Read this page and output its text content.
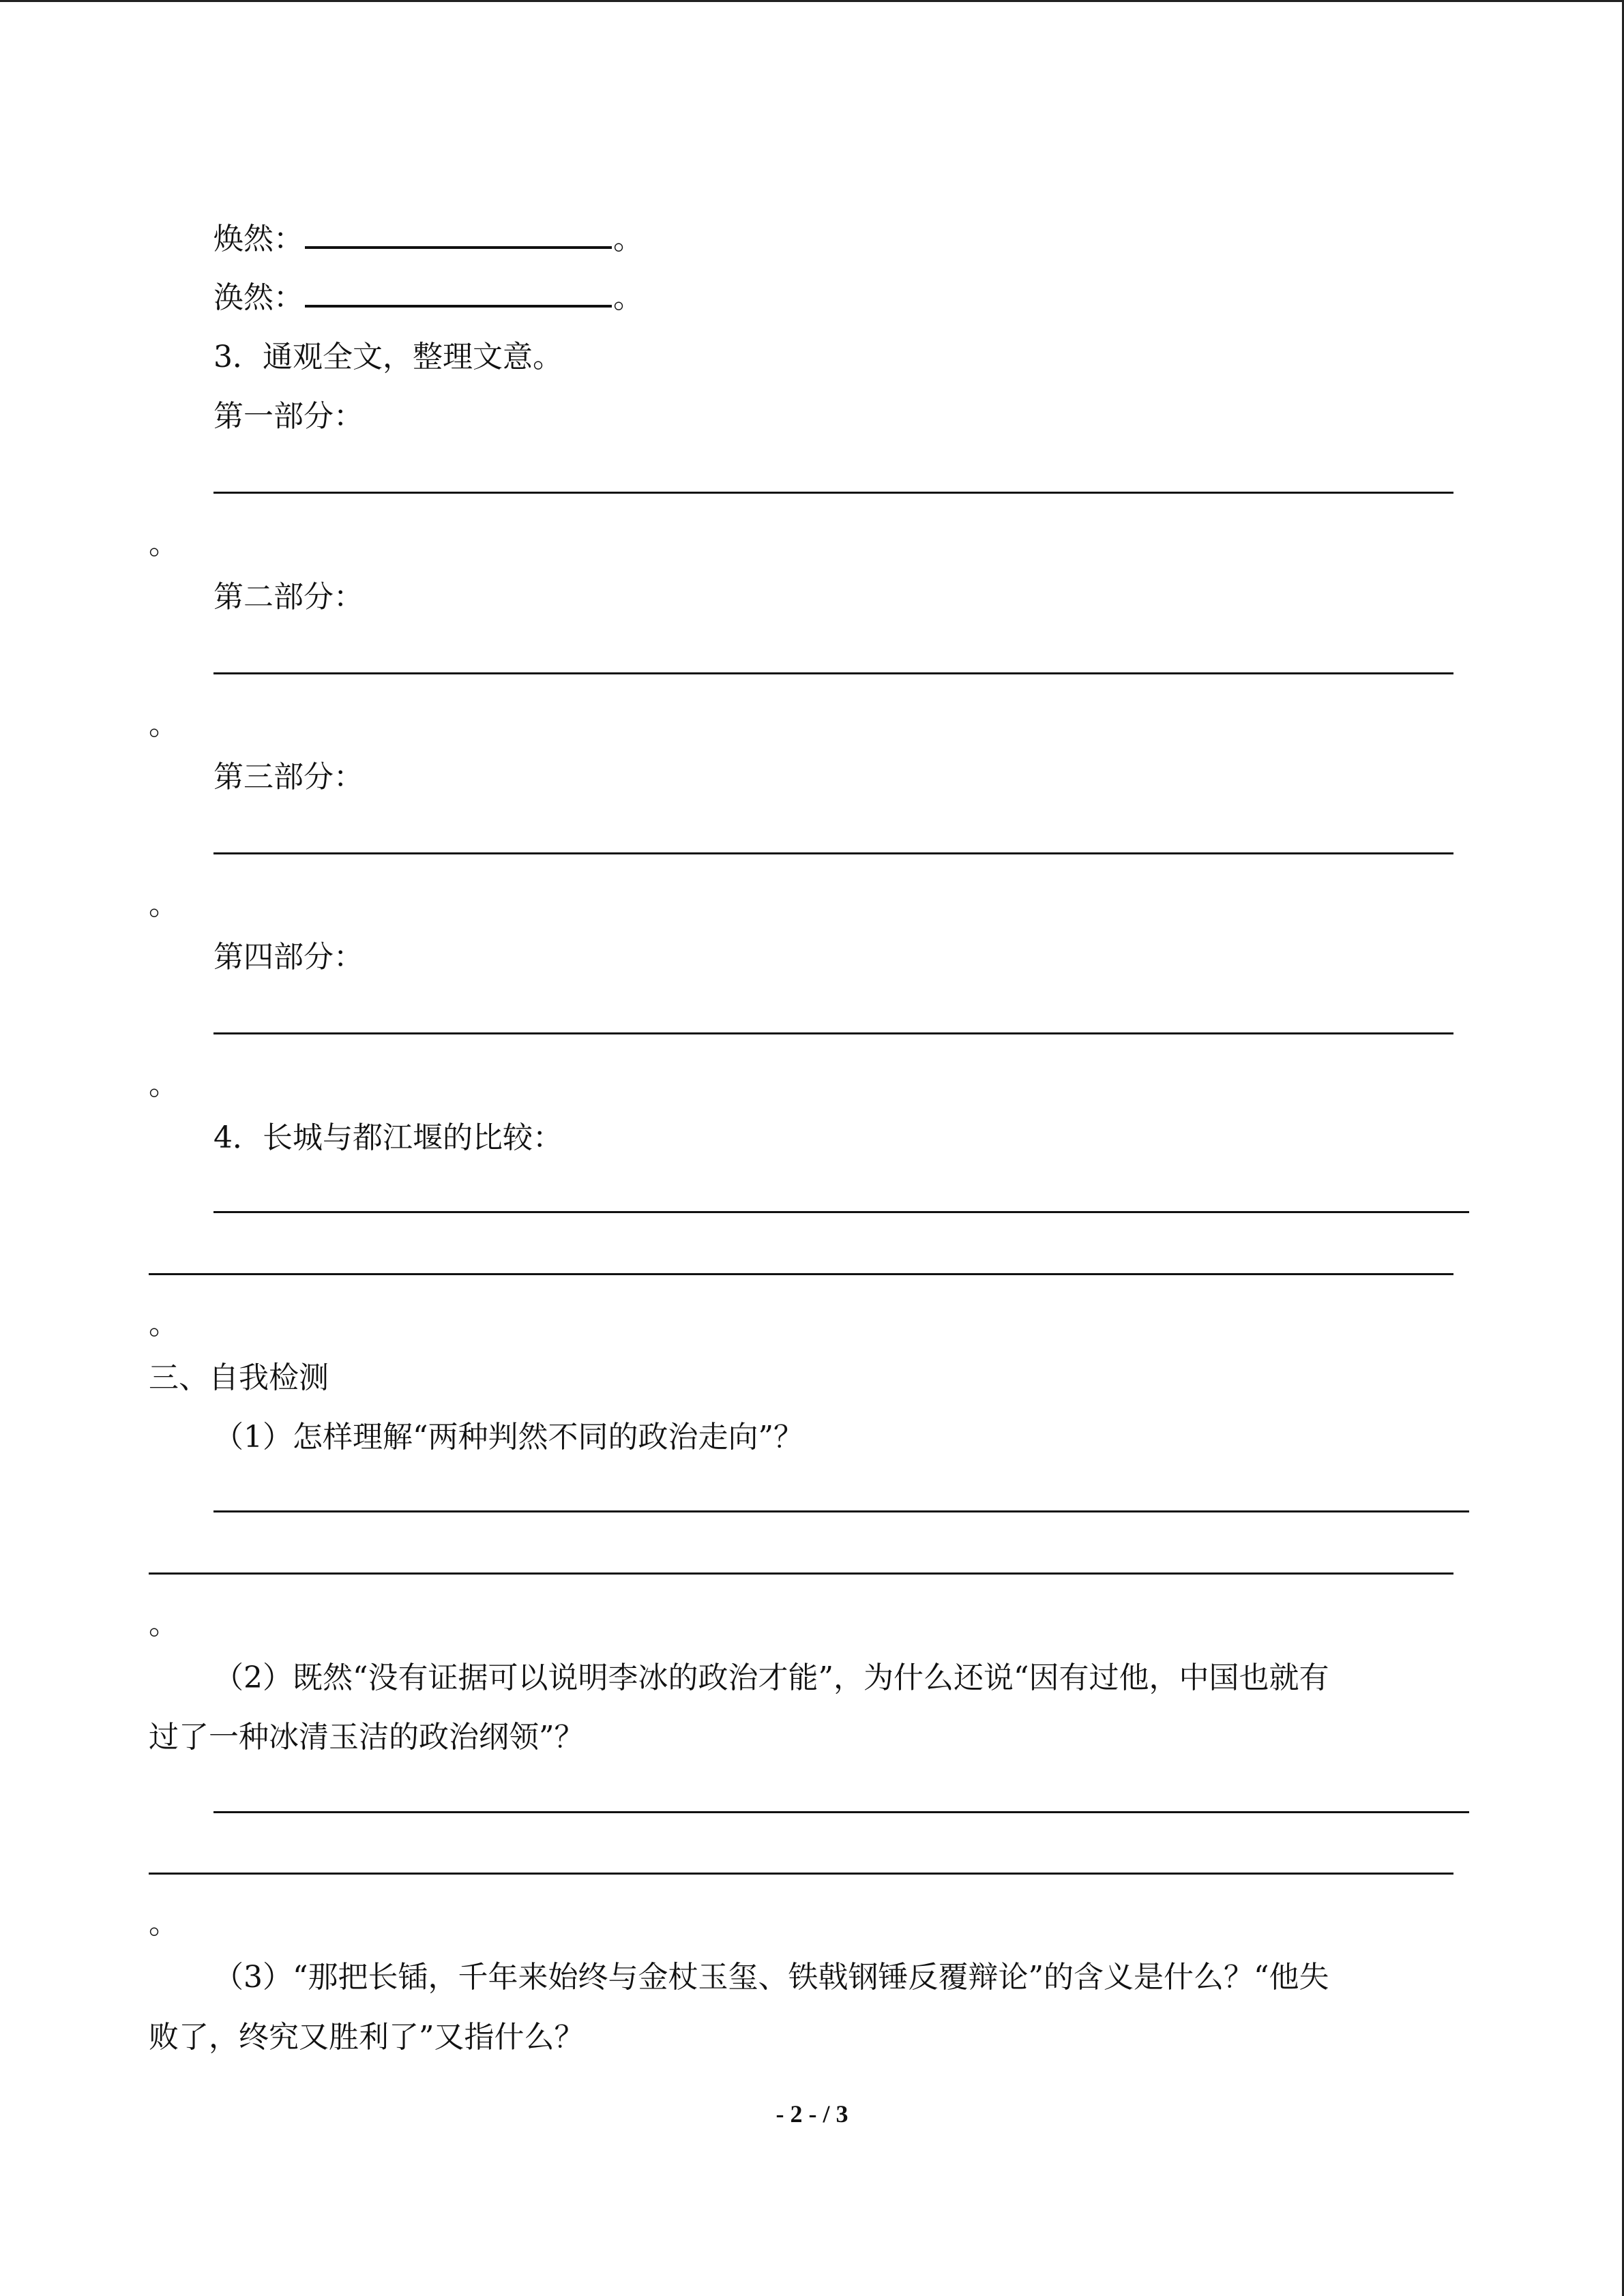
焕然：	。
涣然：	。
3．通观全文，整理文意。
第一部分：
。
第二部分：
。
第三部分：
。
第四部分：
。
4．长城与都江堰的比较：
。
三、自我检测
（1）怎样理解“两种判然不同的政治走向”？
。
（2）既然“没有证据可以说明李冰的政治才能”，为什么还说“因有过他，中国也就有
过了一种冰清玉洁的政治纲领”？
。
（3）“那把长锸，千年来始终与金杖玉玺、铁戟钢锤反覆辩论”的含义是什么？“他失
败了，终究又胜利了”又指什么？
- 2 - / 3
